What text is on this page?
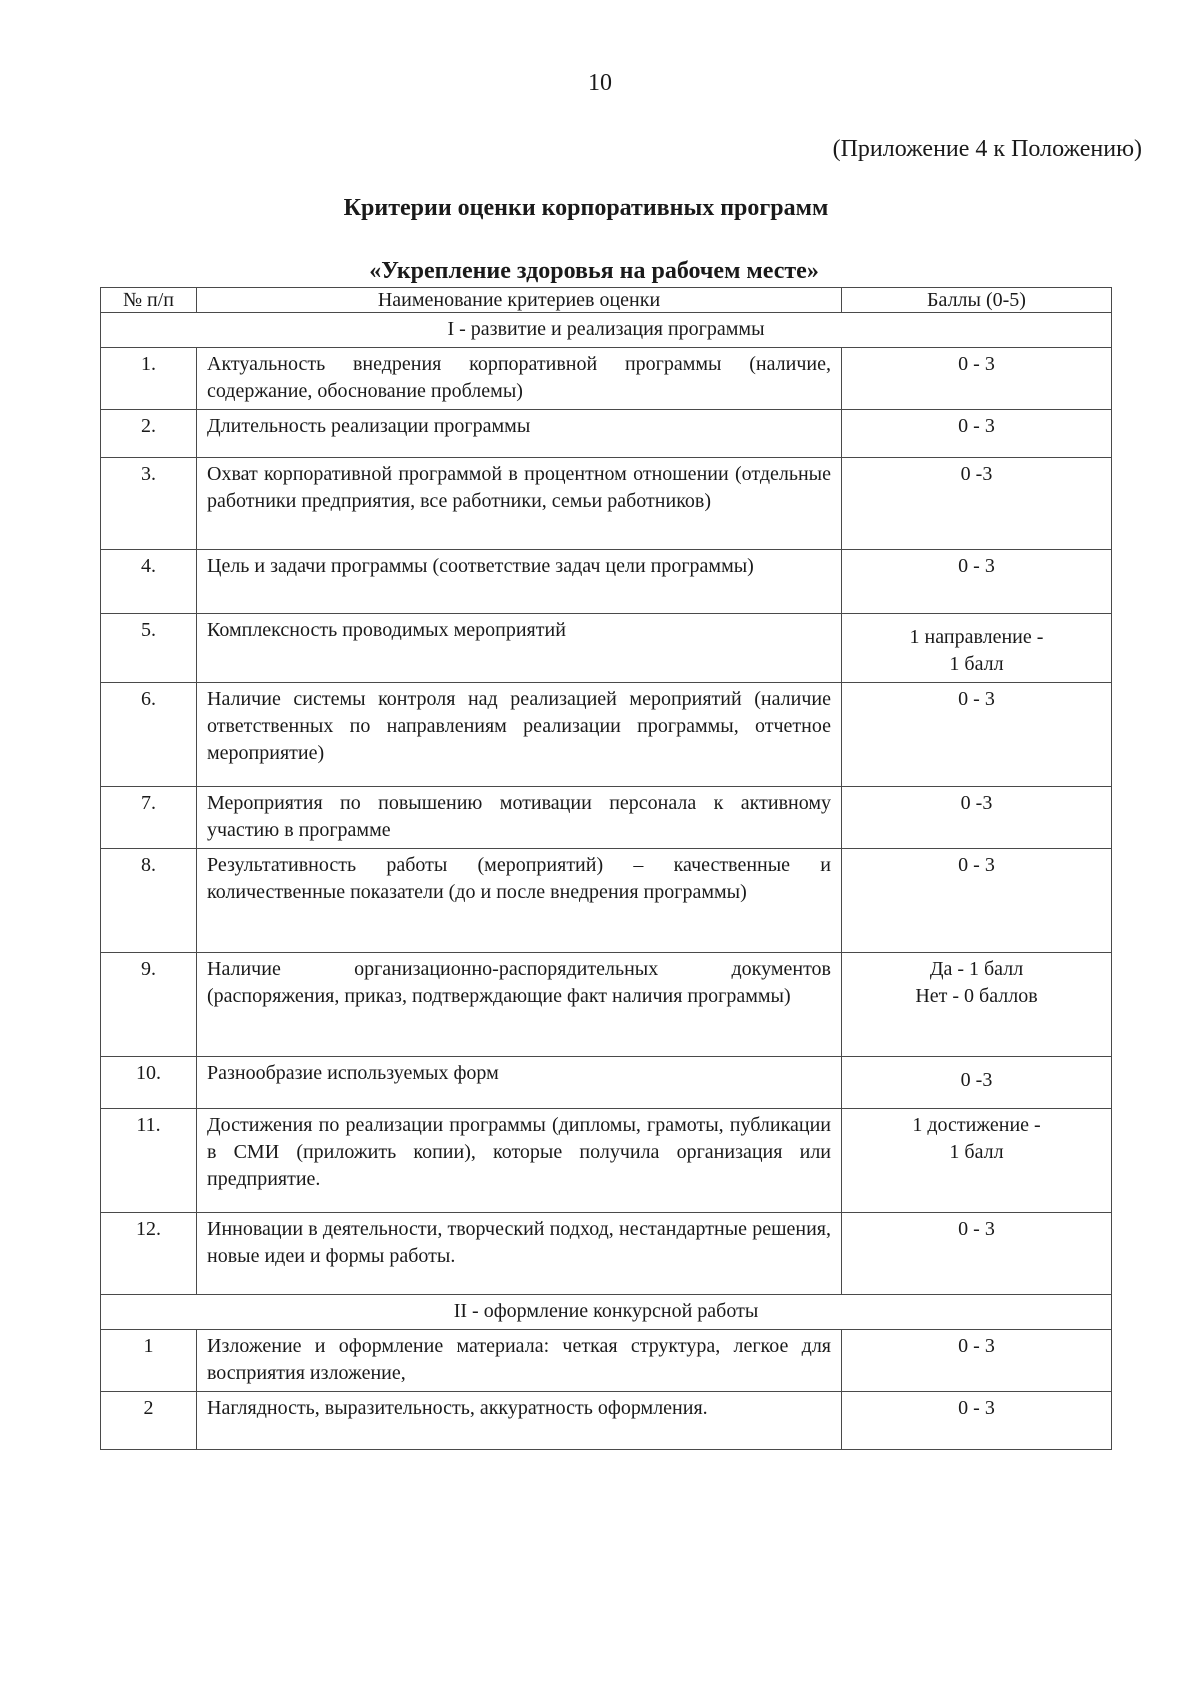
10
(Приложение 4 к Положению)
Критерии оценки корпоративных программ
«Укрепление здоровья на рабочем месте»
№ п/п	Наименование критериев оценки	Баллы (0-5)
I - развитие и реализация программы		
1.	Актуальность внедрения корпоративной программы (наличие, содержание, обоснование проблемы)	0 - 3

2.	Длительность реализации программы	0 - 3

3.	Охват корпоративной программой в процентном отношении (отдельные работники предприятия, все работники, семьи работников)	0 -3

4.	Цель и задачи программы (соответствие задач цели программы)	0 - 3

5.	Комплексность проводимых мероприятий	1 направление -
1 балл

6.	Наличие системы контроля над реализацией мероприятий (наличие ответственных по направлениям реализации программы, отчетное мероприятие)	0 - 3

7.	Мероприятия по повышению мотивации персонала к активному участию в программе	0 -3

8.	Результативность работы (мероприятий) – качественные и количественные показатели (до и после внедрения программы)	0 - 3

9.	Наличие организационно-распорядительных документов (распоряжения, приказ, подтверждающие факт наличия программы)	Да - 1 балл
Нет - 0 баллов

10.	Разнообразие используемых форм	0 -3

11.	Достижения по реализации программы (дипломы, грамоты, публикации в СМИ (приложить копии), которые получила организация или предприятие.	1 достижение -
1 балл

12.	Инновации в деятельности, творческий подход, нестандартные решения, новые идеи и формы работы.	0 - 3

II - оформление конкурсной работы		
1	Изложение и оформление материала: четкая структура, легкое для восприятия изложение,	0 - 3

2	Наглядность, выразительность, аккуратность оформления.	0 - 3
